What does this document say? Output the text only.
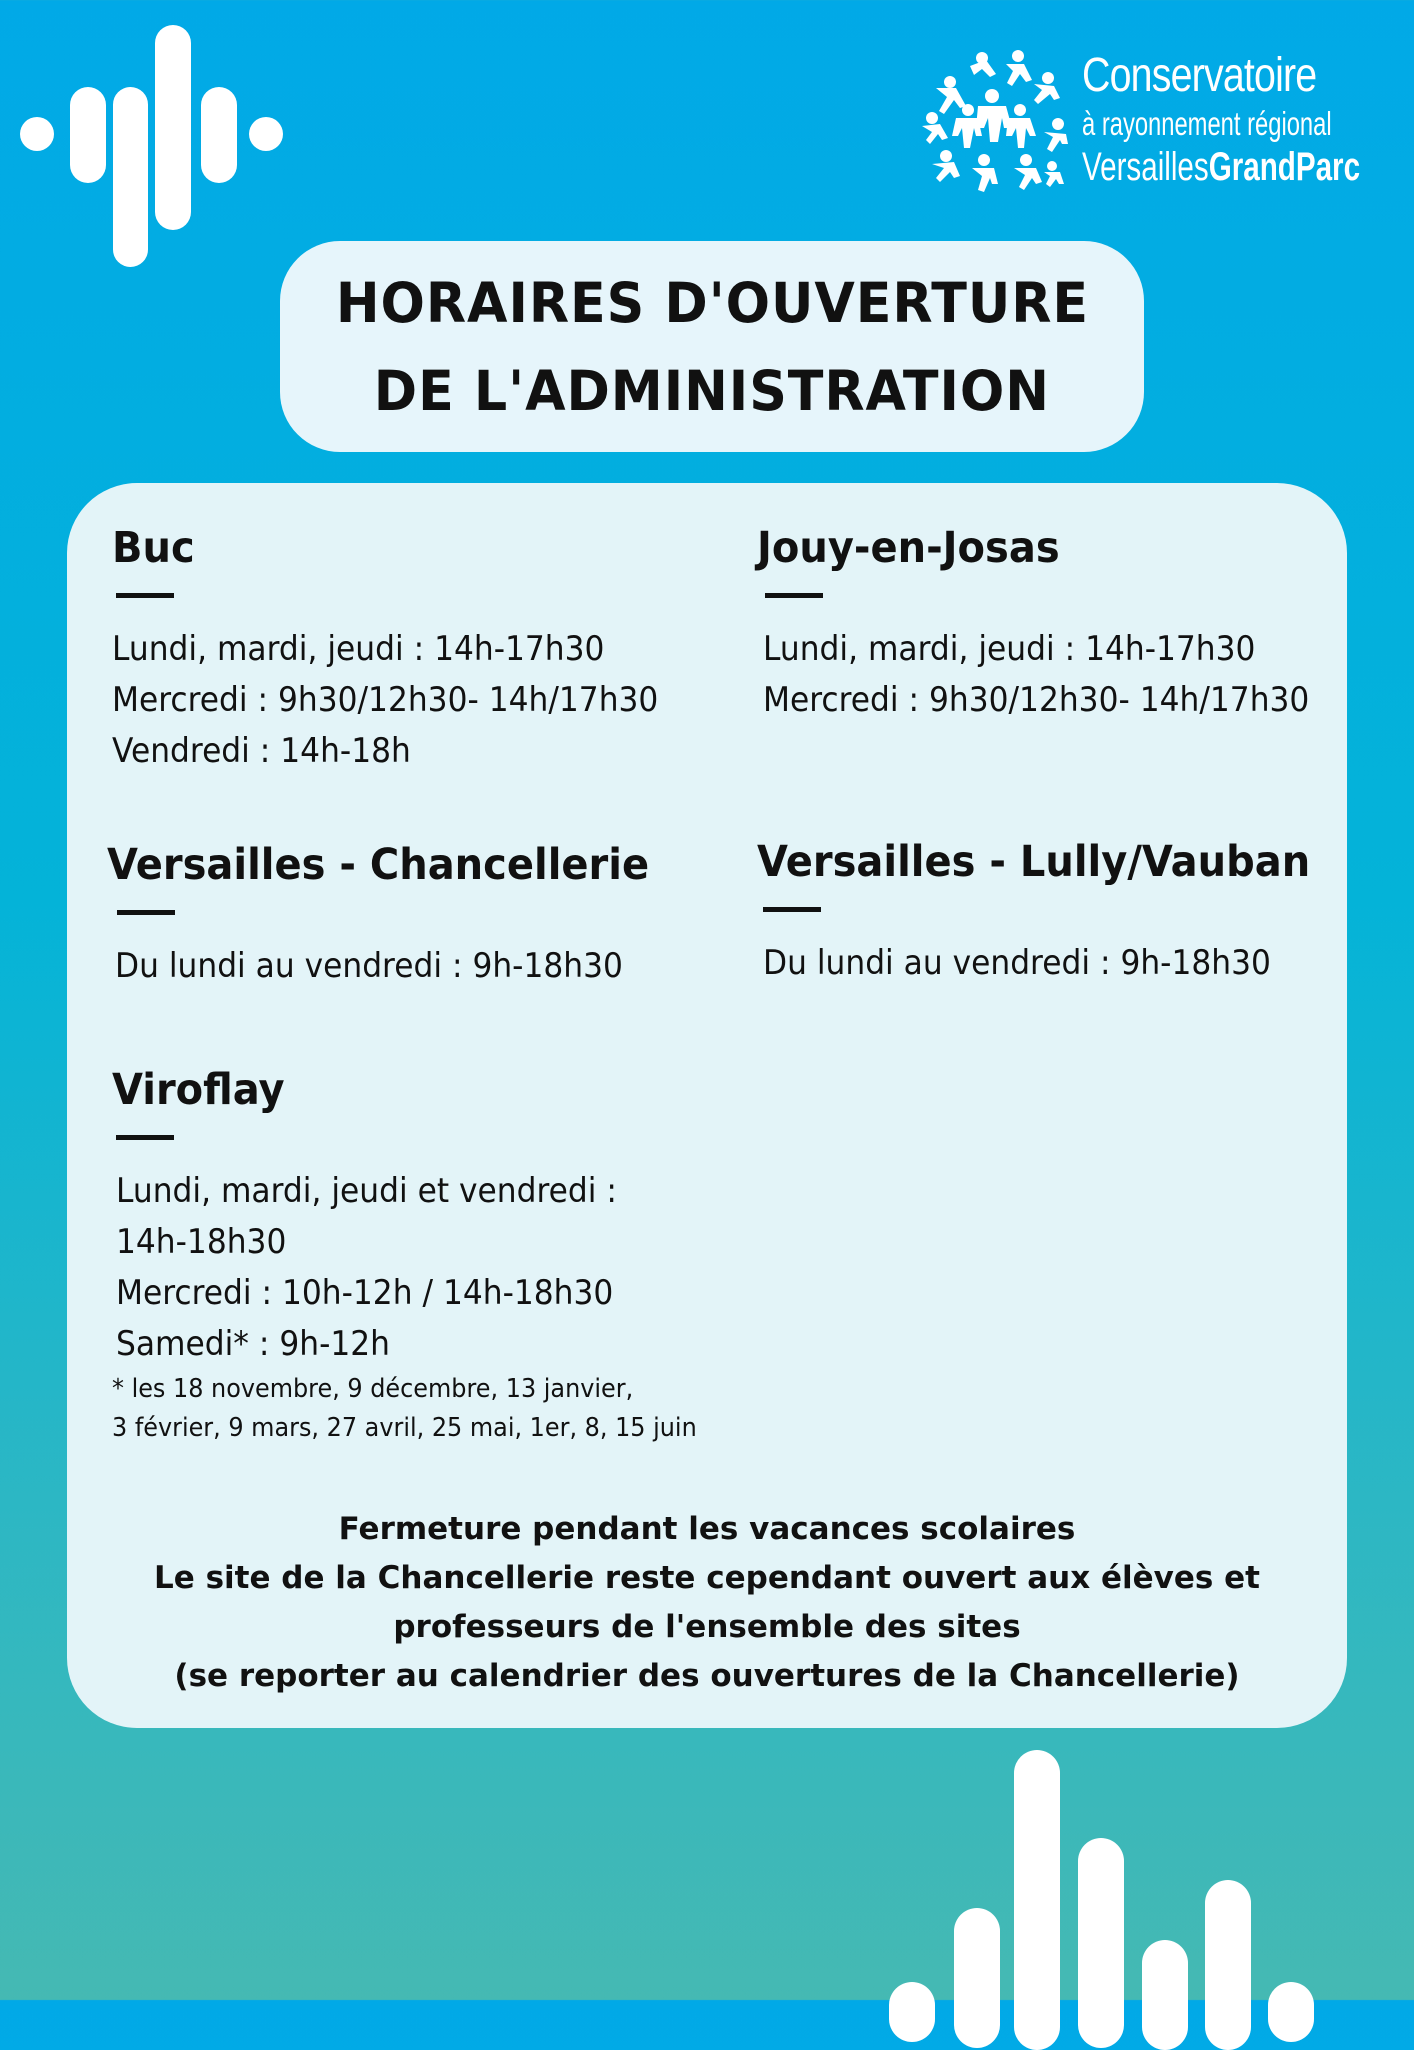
Conservatoire
à rayonnement régional
VersaillesGrandParc
HORAIRES D'OUVERTURE
DE L'ADMINISTRATION
Buc
Lundi, mardi, jeudi : 14h-17h30
Mercredi : 9h30/12h30- 14h/17h30
Vendredi : 14h-18h
Jouy-en-Josas
Lundi, mardi, jeudi : 14h-17h30
Mercredi : 9h30/12h30- 14h/17h30
Versailles - Chancellerie
Du lundi au vendredi : 9h-18h30
Versailles - Lully/Vauban
Du lundi au vendredi : 9h-18h30
Viroflay
Lundi, mardi, jeudi et vendredi :
14h-18h30
Mercredi : 10h-12h / 14h-18h30
Samedi* : 9h-12h
* les 18 novembre, 9 décembre, 13 janvier,
3 février, 9 mars, 27 avril, 25 mai, 1er, 8, 15 juin
Fermeture pendant les vacances scolaires
Le site de la Chancellerie reste cependant ouvert aux élèves et
professeurs de l'ensemble des sites
(se reporter au calendrier des ouvertures de la Chancellerie)
